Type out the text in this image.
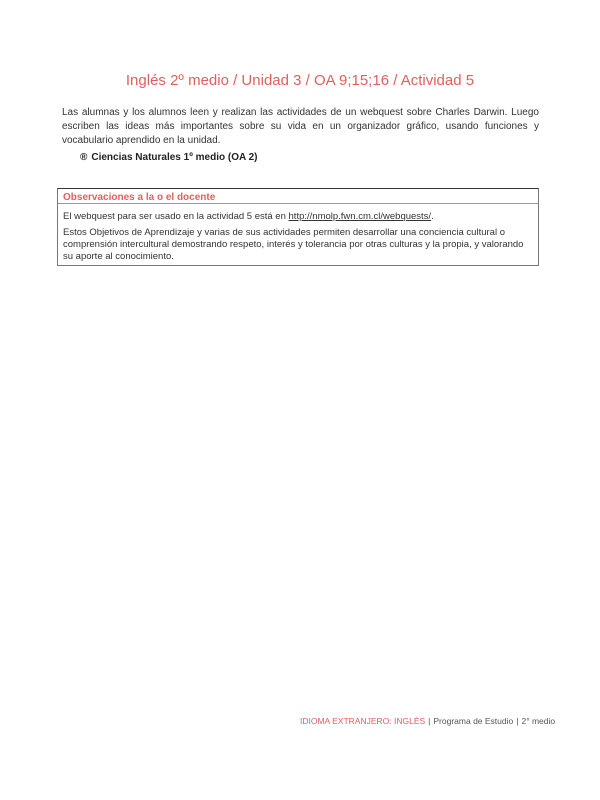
Inglés 2º medio / Unidad 3 / OA 9;15;16 / Actividad 5
Las alumnas y los alumnos leen y realizan las actividades de un webquest sobre Charles Darwin. Luego escriben las ideas más importantes sobre su vida en un organizador gráfico, usando funciones y vocabulario aprendido en la unidad.
® Ciencias Naturales 1º medio (OA 2)
Observaciones a la o el docente
El webquest para ser usado en la actividad 5 está en http://nmolp.fwn.cm.cl/webquests/.
Estos Objetivos de Aprendizaje y varias de sus actividades permiten desarrollar una conciencia cultural o comprensión intercultural demostrando respeto, interés y tolerancia por otras culturas y la propia, y valorando su aporte al conocimiento.
IDIOMA EXTRANJERO: INGLÉS | Programa de Estudio | 2° medio
